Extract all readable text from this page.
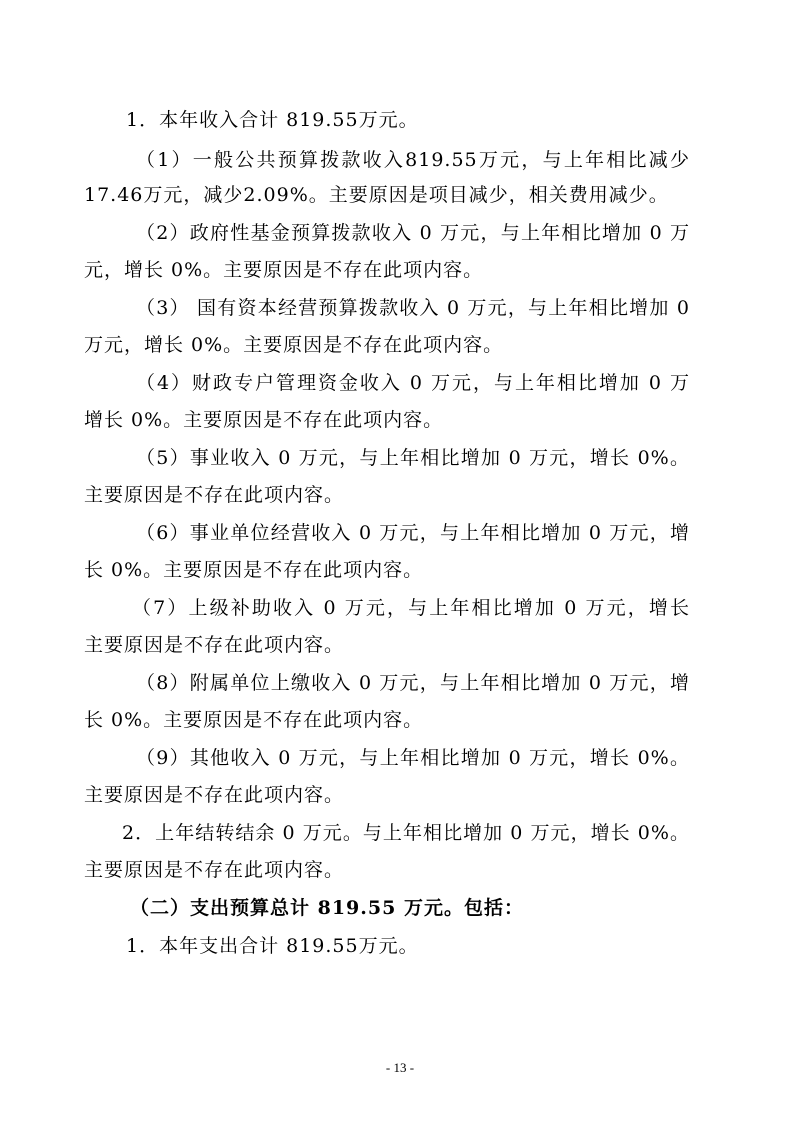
1．本年收入合计 819.55万元。
（1）一般公共预算拨款收入819.55万元，与上年相比减少
17.46万元，减少2.09%。主要原因是项目减少，相关费用减少。
（2）政府性基金预算拨款收入 0 万元，与上年相比增加 0 万
元，增长 0%。主要原因是不存在此项内容。
（3） 国有资本经营预算拨款收入 0 万元，与上年相比增加 0
万元，增长 0%。主要原因是不存在此项内容。
（4）财政专户管理资金收入 0 万元，与上年相比增加 0 万
增长 0%。主要原因是不存在此项内容。
（5）事业收入 0 万元，与上年相比增加 0 万元，增长 0%。
主要原因是不存在此项内容。
（6）事业单位经营收入 0 万元，与上年相比增加 0 万元，增
长 0%。主要原因是不存在此项内容。
（7）上级补助收入 0 万元，与上年相比增加 0 万元，增长
主要原因是不存在此项内容。
（8）附属单位上缴收入 0 万元，与上年相比增加 0 万元，增
长 0%。主要原因是不存在此项内容。
（9）其他收入 0 万元，与上年相比增加 0 万元，增长 0%。
主要原因是不存在此项内容。
2．上年结转结余 0 万元。与上年相比增加 0 万元，增长 0%。
主要原因是不存在此项内容。
（二）支出预算总计 819.55 万元。包括：
1．本年支出合计 819.55万元。
- 13 -
